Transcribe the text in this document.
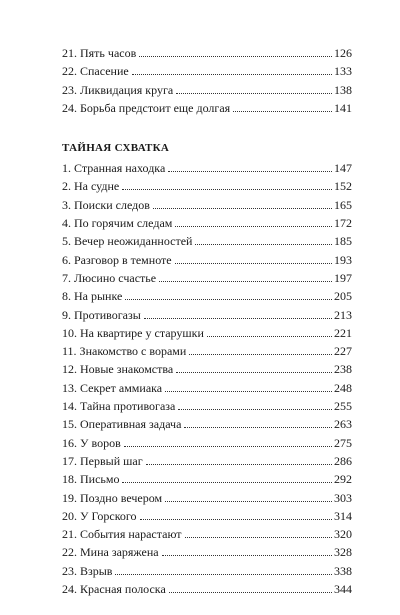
21. Пять часов	126
22. Спасение	133
23. Ликвидация круга	138
24. Борьба предстоит еще долгая	141
ТАЙНАЯ СХВАТКА
1. Странная находка	147
2. На судне	152
3. Поиски следов	165
4. По горячим следам	172
5. Вечер неожиданностей	185
6. Разговор в темноте	193
7. Люсино счастье	197
8. На рынке	205
9. Противогазы	213
10. На квартире у старушки	221
11. Знакомство с ворами	227
12. Новые знакомства	238
13. Секрет аммиака	248
14. Тайна противогаза	255
15. Оперативная задача	263
16. У воров	275
17. Первый шаг	286
18. Письмо	292
19. Поздно вечером	303
20. У Горского	314
21. События нарастают	320
22. Мина заряжена	328
23. Взрыв	338
24. Красная полоска	344
